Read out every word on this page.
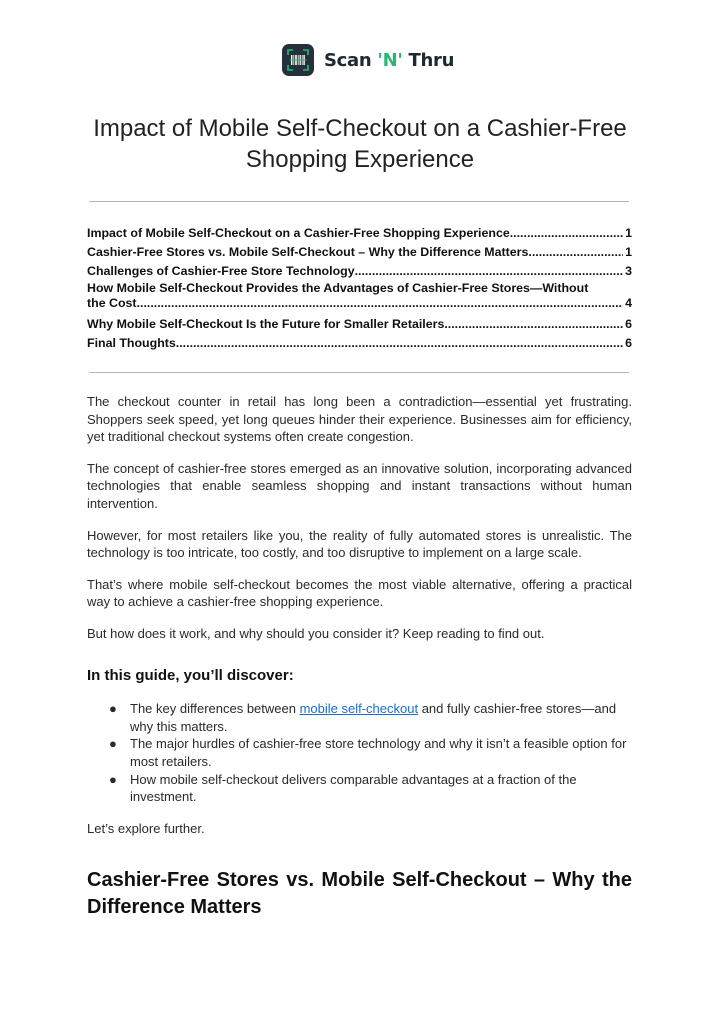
Scan 'N' Thru
Impact of Mobile Self-Checkout on a Cashier-Free Shopping Experience
Impact of Mobile Self-Checkout on a Cashier-Free Shopping Experience .....	1
Cashier-Free Stores vs. Mobile Self-Checkout – Why the Difference Matters .....	1
Challenges of Cashier-Free Store Technology .....	3
How Mobile Self-Checkout Provides the Advantages of Cashier-Free Stores—Without
the Cost .....	4
Why Mobile Self-Checkout Is the Future for Smaller Retailers .....	6
Final Thoughts .....	6

The checkout counter in retail has long been a contradiction—essential yet frustrating. Shoppers seek speed, yet long queues hinder their experience. Businesses aim for efficiency, yet traditional checkout systems often create congestion.

The concept of cashier-free stores emerged as an innovative solution, incorporating advanced technologies that enable seamless shopping and instant transactions without human intervention.

However, for most retailers like you, the reality of fully automated stores is unrealistic. The technology is too intricate, too costly, and too disruptive to implement on a large scale.

That’s where mobile self-checkout becomes the most viable alternative, offering a practical way to achieve a cashier-free shopping experience.

But how does it work, and why should you consider it? Keep reading to find out.

In this guide, you’ll discover:
● The key differences between mobile self-checkout and fully cashier-free stores—and why this matters.
● The major hurdles of cashier-free store technology and why it isn’t a feasible option for most retailers.
● How mobile self-checkout delivers comparable advantages at a fraction of the investment.

Let’s explore further.

Cashier-Free Stores vs. Mobile Self-Checkout – Why the Difference Matters
